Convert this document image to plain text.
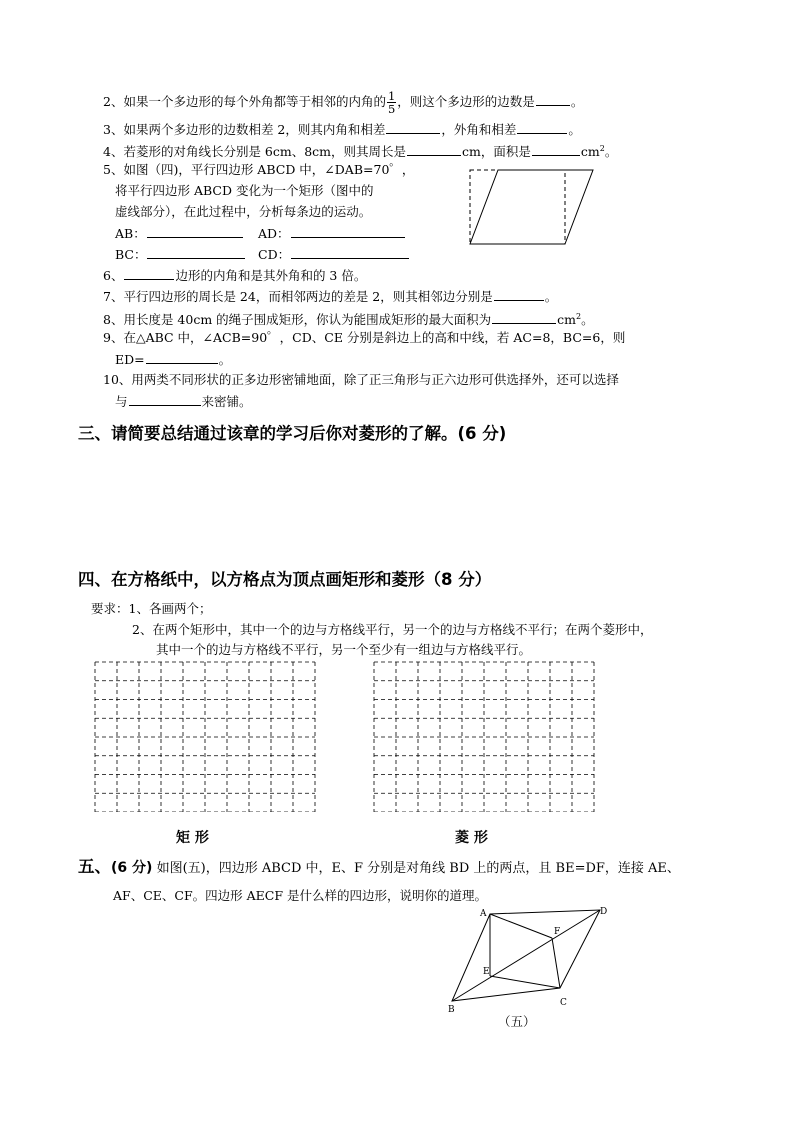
2、如果一个多边形的每个外角都等于相邻的内角的 $\frac{1}{5}$ ，则这个多边形的边数是	。
3、如果两个多边形的边数相差 2，则其内角和相差	，外角和相差	。
4、若菱形的对角线长分别是 6cm、8cm，则其周长是	cm，面积是	$cm^2$。
5、如图（四)，平行四边形 ABCD 中，∠DAB=70゜，
将平行四边形 ABCD 变化为一个矩形（图中的
虚线部分），在此过程中，分析每条边的运动。
AB：	AD：
BC：	CD：
6、	边形的内角和是其外角和的 3 倍。
7、平行四边形的周长是 24，而相邻两边的差是 2，则其相邻边分别是	。
8、用长度是 40cm 的绳子围成矩形，你认为能围成矩形的最大面积为	$cm^2$。
9、在△ABC 中，∠ACB=90゜，CD、CE 分别是斜边上的高和中线，若 AC=8，BC=6，则
ED=	。
10、用两类不同形状的正多边形密铺地面，除了正三角形与正六边形可供选择外，还可以选择
与	来密铺。
三、请简要总结通过该章的学习后你对菱形的了解。(6 分)
四、在方格纸中，以方格点为顶点画矩形和菱形（8 分）
要求：1、各画两个；
2、在两个矩形中，其中一个的边与方格线平行，另一个的边与方格线不平行；在两个菱形中，
其中一个的边与方格线不平行，另一个至少有一组边与方格线平行。
矩 形	菱 形
五、(6 分) 如图(五)，四边形 ABCD 中，E、F 分别是对角线 BD 上的两点，且 BE=DF，连接 AE、
AF、CE、CF。四边形 AECF 是什么样的四边形，说明你的道理。
A	D
F
E
C
B
（五）
